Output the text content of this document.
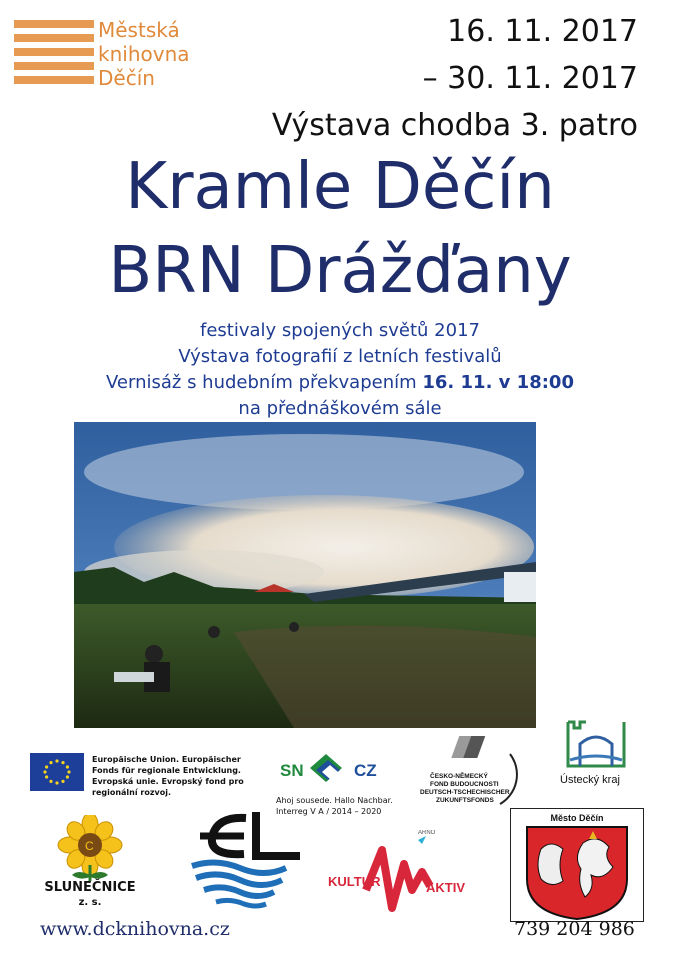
Městská
knihovna
Děčín
16. 11. 2017
– 30. 11. 2017
Výstava chodba 3. patro
Kramle Děčín
BRN Drážďany
festivaly spojených světů 2017
Výstava fotografií z letních festivalů
Vernisáž s hudebním překvapením 16. 11. v 18:00
na přednáškovém sále
Europäische Union. Europäischer Fonds für regionale Entwicklung. Evropská unie. Evropský fond pro regionální rozvoj.
SN	CZ
Ahoj sousede. Hallo Nachbar. Interreg V A / 2014 – 2020
ČESKO-NĚMECKÝ
FOND BUDOUCNOSTI
DEUTSCH-TSCHECHISCHER
ZUKUNFTSFONDS
Ústecký kraj
C
SLUNEČNICE
z. s.
ARNO
KULTUR	AKTIV
Město Děčín
www.dcknihovna.cz	739 204 986
